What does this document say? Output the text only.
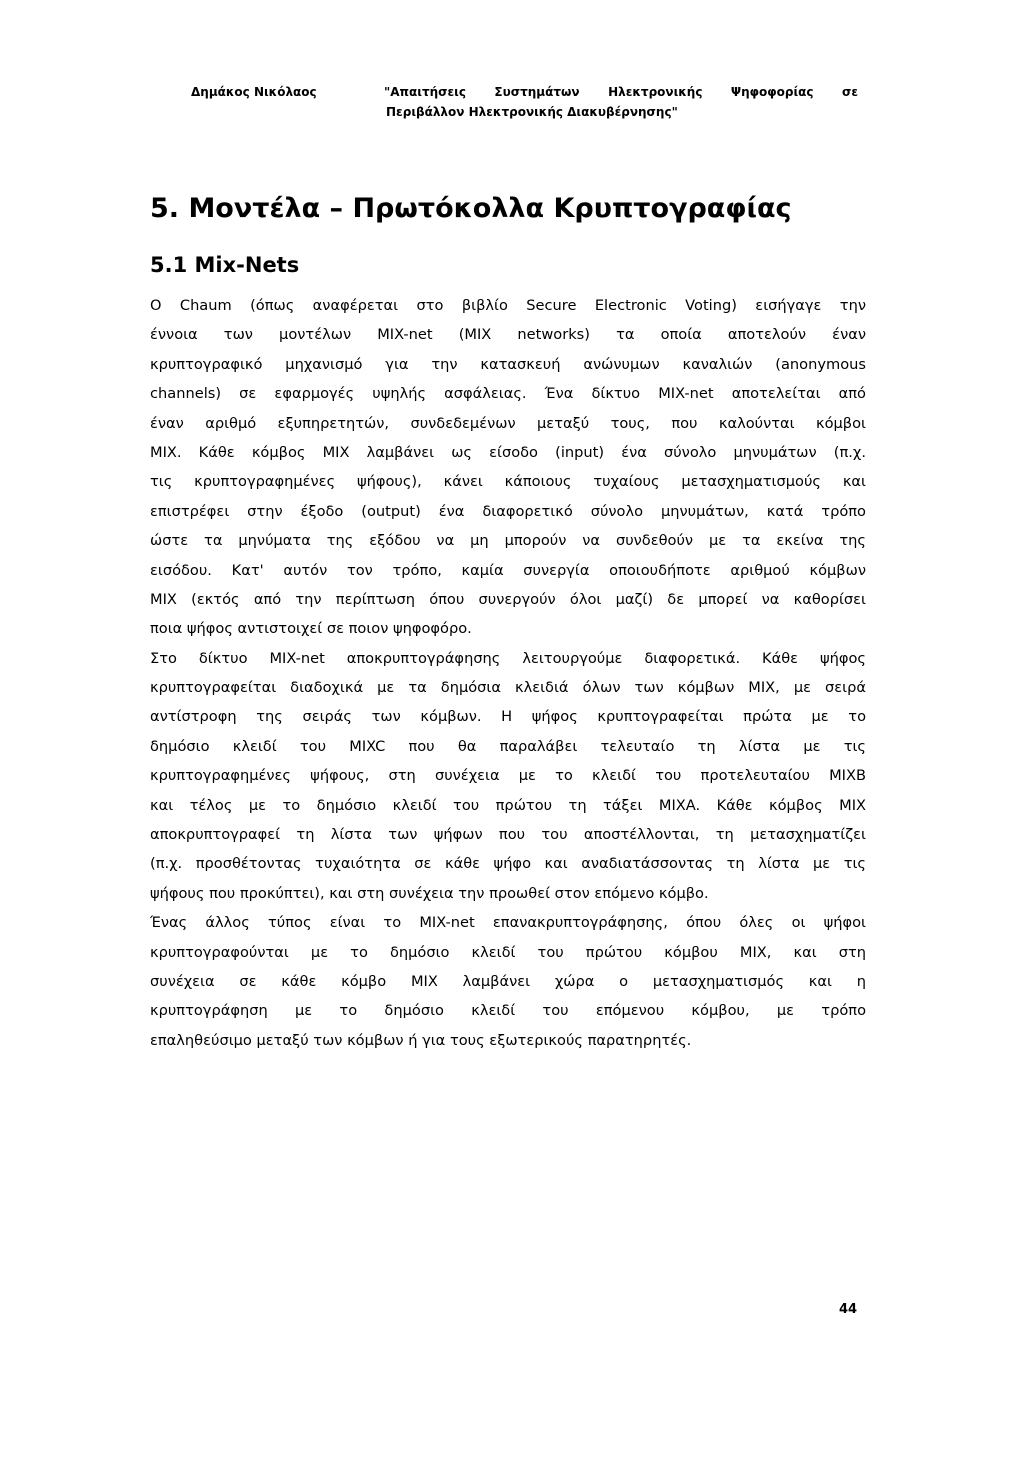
Δημάκος Νικόλαος	"Απαιτήσεις Συστημάτων Ηλεκτρονικής Ψηφοφορίας σε
Περιβάλλον Ηλεκτρονικής Διακυβέρνησης"
5. Μοντέλα – Πρωτόκολλα Κρυπτογραφίας
5.1 Mix-Nets
Ο Chaum (όπως αναφέρεται στο βιβλίο Secure Electronic Voting) εισήγαγε την
έννοια των μοντέλων MIX-net (MIX networks) τα οποία αποτελούν έναν
κρυπτογραφικό μηχανισμό για την κατασκευή ανώνυμων καναλιών (anonymous
channels) σε εφαρμογές υψηλής ασφάλειας. Ένα δίκτυο MIX-net αποτελείται από
έναν αριθμό εξυπηρετητών, συνδεδεμένων μεταξύ τους, που καλούνται κόμβοι
MIX. Κάθε κόμβος MIX λαμβάνει ως είσοδο (input) ένα σύνολο μηνυμάτων (π.χ.
τις κρυπτογραφημένες ψήφους), κάνει κάποιους τυχαίους μετασχηματισμούς και
επιστρέφει στην έξοδο (output) ένα διαφορετικό σύνολο μηνυμάτων, κατά τρόπο
ώστε τα μηνύματα της εξόδου να μη μπορούν να συνδεθούν με τα εκείνα της
εισόδου. Κατ' αυτόν τον τρόπο, καμία συνεργία οποιουδήποτε αριθμού κόμβων
MIX (εκτός από την περίπτωση όπου συνεργούν όλοι μαζί) δε μπορεί να καθορίσει
ποια ψήφος αντιστοιχεί σε ποιον ψηφοφόρο.
Στο δίκτυο MIX-net αποκρυπτογράφησης λειτουργούμε διαφορετικά. Κάθε ψήφος
κρυπτογραφείται διαδοχικά με τα δημόσια κλειδιά όλων των κόμβων MIX, με σειρά
αντίστροφη της σειράς των κόμβων. Η ψήφος κρυπτογραφείται πρώτα με το
δημόσιο κλειδί του MIXC που θα παραλάβει τελευταίο τη λίστα με τις
κρυπτογραφημένες ψήφους, στη συνέχεια με το κλειδί του προτελευταίου MIXB
και τέλος με το δημόσιο κλειδί του πρώτου τη τάξει MIXA. Κάθε κόμβος MIX
αποκρυπτογραφεί τη λίστα των ψήφων που του αποστέλλονται, τη μετασχηματίζει
(π.χ. προσθέτοντας τυχαιότητα σε κάθε ψήφο και αναδιατάσσοντας τη λίστα με τις
ψήφους που προκύπτει), και στη συνέχεια την προωθεί στον επόμενο κόμβο.
Ένας άλλος τύπος είναι το MIX-net επανακρυπτογράφησης, όπου όλες οι ψήφοι
κρυπτογραφούνται με το δημόσιο κλειδί του πρώτου κόμβου MIX, και στη
συνέχεια σε κάθε κόμβο MIX λαμβάνει χώρα ο μετασχηματισμός και η
κρυπτογράφηση με το δημόσιο κλειδί του επόμενου κόμβου, με τρόπο
επαληθεύσιμο μεταξύ των κόμβων ή για τους εξωτερικούς παρατηρητές.
44
